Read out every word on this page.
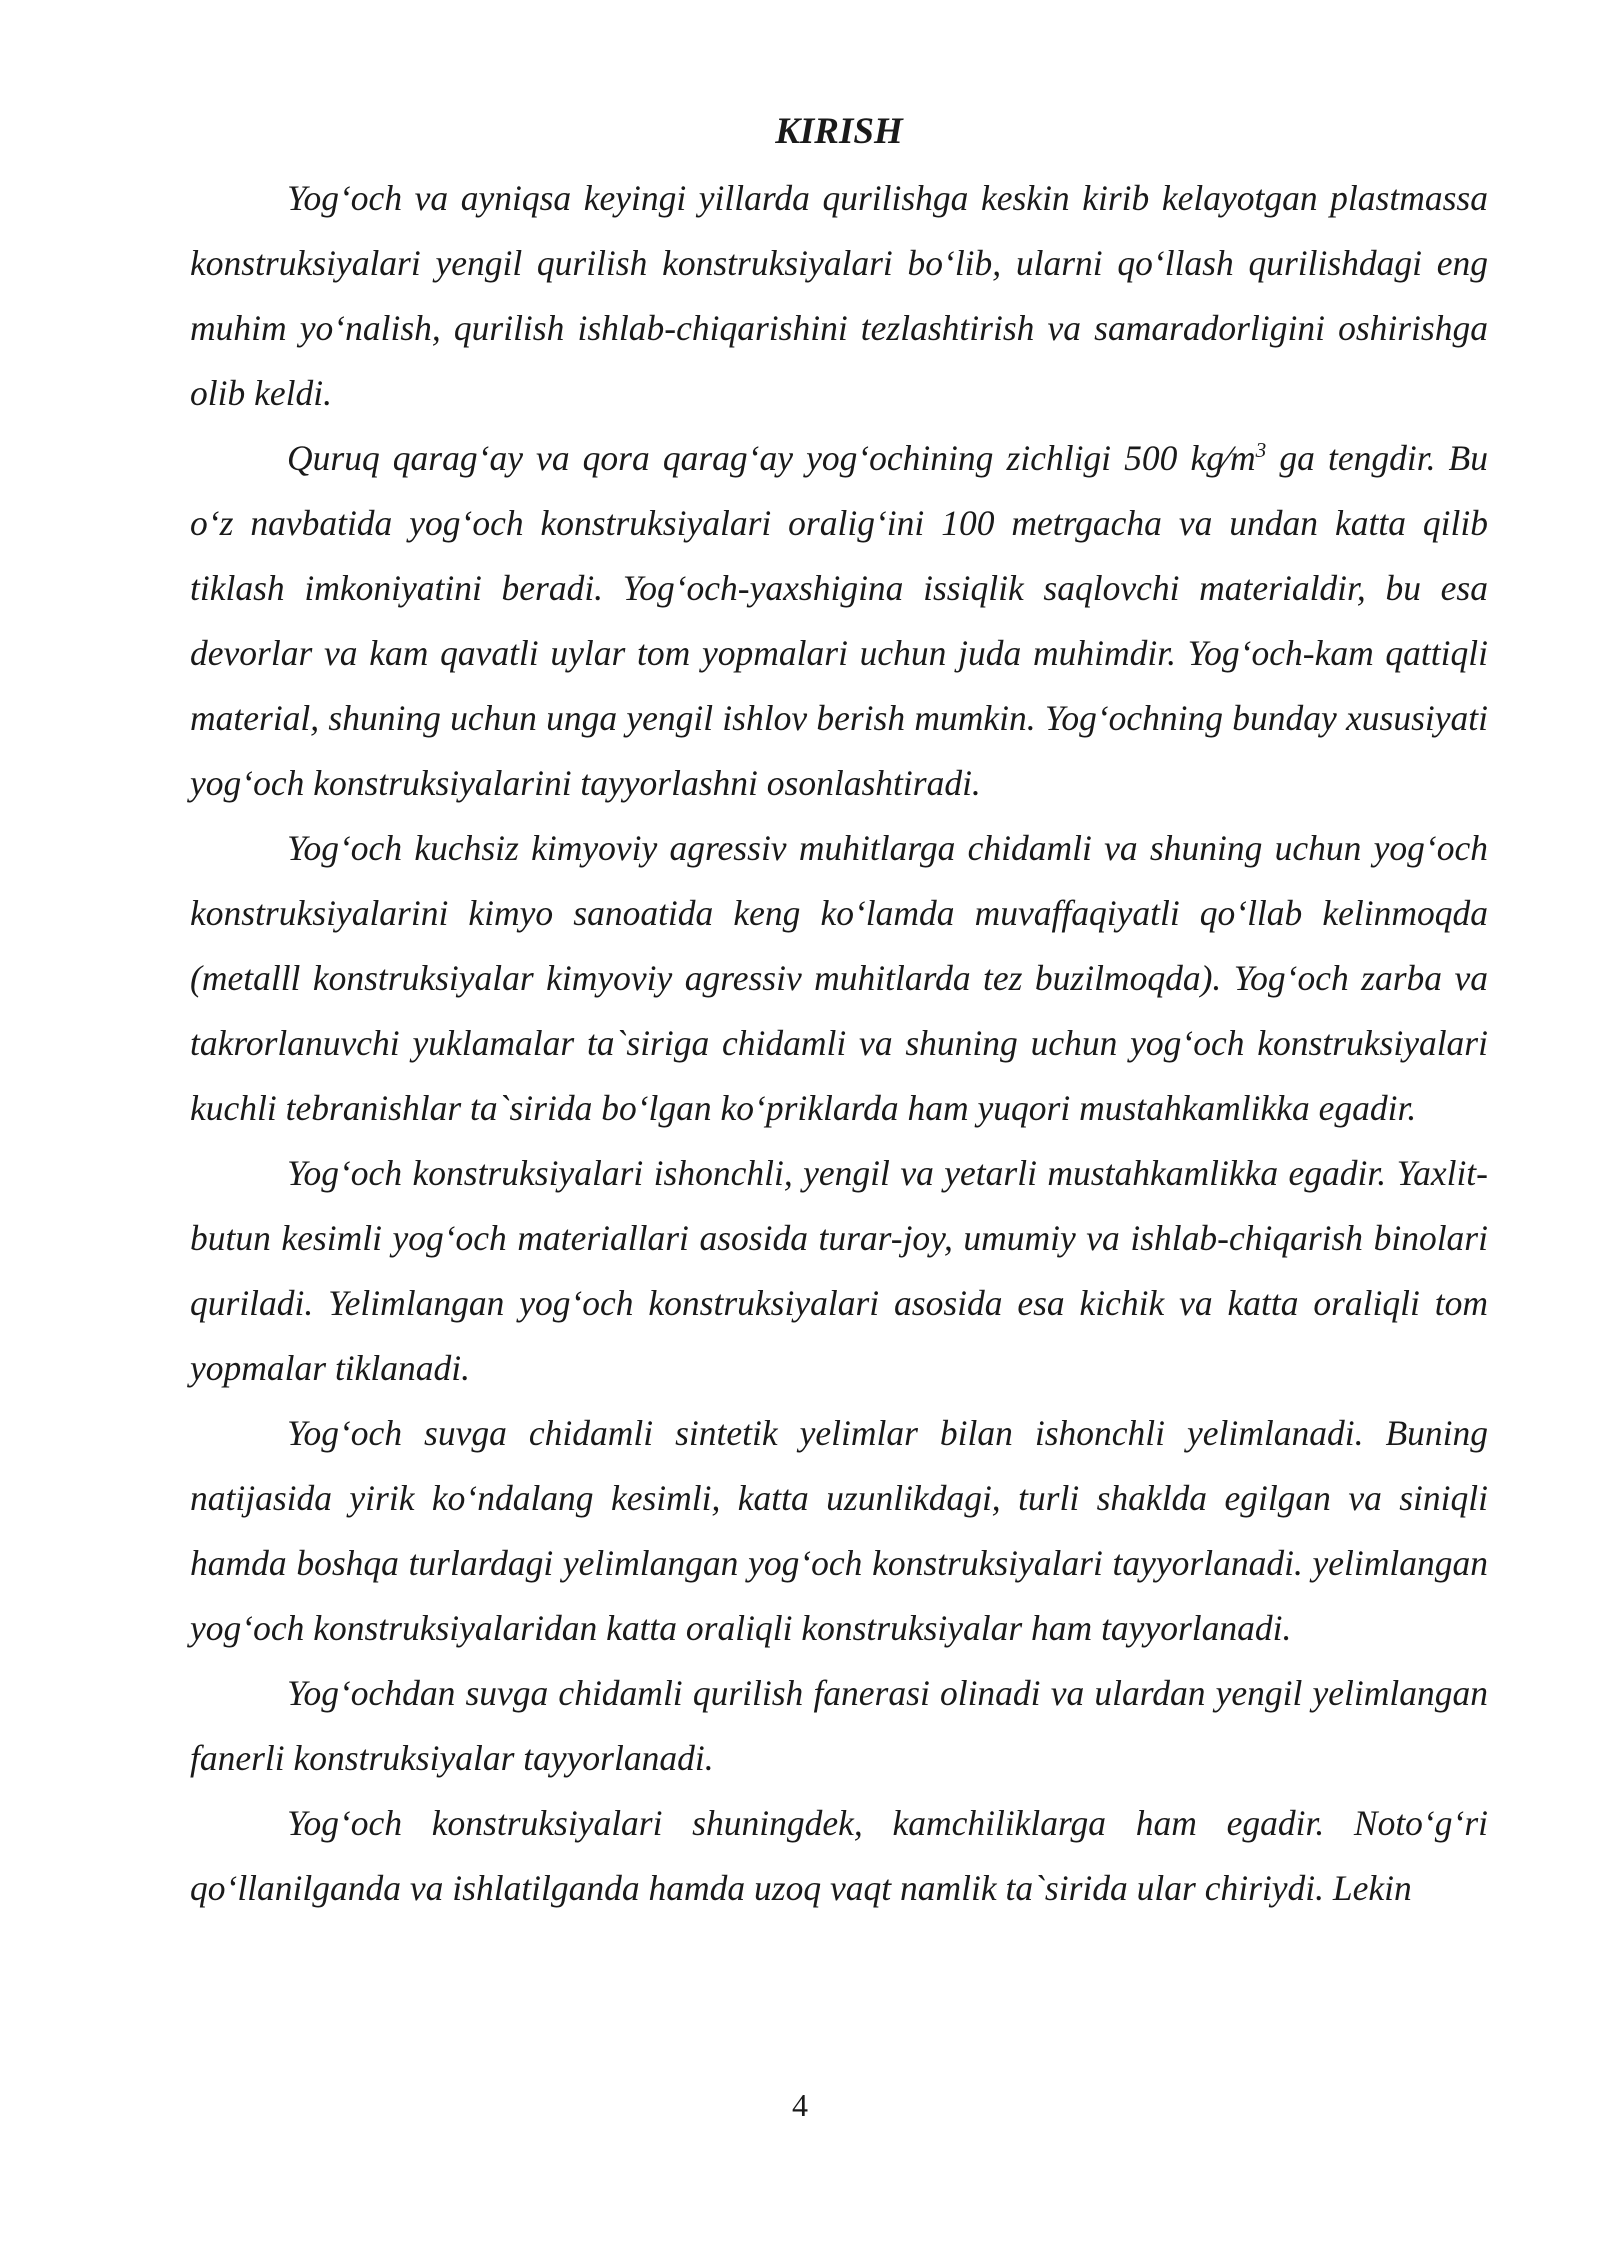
KIRISH

Yog‘och va ayniqsa keyingi yillarda qurilishga keskin kirib kelayotgan plastmassa konstruksiyalari yengil qurilish konstruksiyalari bo‘lib, ularni qo‘llash qurilishdagi eng muhim yo‘nalish, qurilish ishlab-chiqarishini tezlashtirish va samaradorligini oshirishga olib keldi.

Quruq qarag‘ay va qora qarag‘ay yog‘ochining zichligi 500 $kg⁄m^3$ ga tengdir. Bu o‘z navbatida yog‘och konstruksiyalari oralig‘ini 100 metrgacha va undan katta qilib tiklash imkoniyatini beradi. Yog‘och-yaxshigina issiqlik saqlovchi materialdir, bu esa devorlar va kam qavatli uylar tom yopmalari uchun juda muhimdir. Yog‘och-kam qattiqli material, shuning uchun unga yengil ishlov berish mumkin. Yog‘ochning bunday xususiyati yog‘och konstruksiyalarini tayyorlashni osonlashtiradi.

Yog‘och kuchsiz kimyoviy agressiv muhitlarga chidamli va shuning uchun yog‘och konstruksiyalarini kimyo sanoatida keng ko‘lamda muvaffaqiyatli qo‘llab kelinmoqda (metalll konstruksiyalar kimyoviy agressiv muhitlarda tez buzilmoqda). Yog‘och zarba va takrorlanuvchi yuklamalar ta`siriga chidamli va shuning uchun yog‘och konstruksiyalari kuchli tebranishlar ta`sirida bo‘lgan ko‘priklarda ham yuqori mustahkamlikka egadir.

Yog‘och konstruksiyalari ishonchli, yengil va yetarli mustahkamlikka egadir. Yaxlit-butun kesimli yog‘och materiallari asosida turar-joy, umumiy va ishlab-chiqarish binolari quriladi. Yelimlangan yog‘och konstruksiyalari asosida esa kichik va katta oraliqli tom yopmalar tiklanadi.

Yog‘och suvga chidamli sintetik yelimlar bilan ishonchli yelimlanadi. Buning natijasida yirik ko‘ndalang kesimli, katta uzunlikdagi, turli shaklda egilgan va siniqli hamda boshqa turlardagi yelimlangan yog‘och konstruksiyalari tayyorlanadi. yelimlangan yog‘och konstruksiyalaridan katta oraliqli konstruksiyalar ham tayyorlanadi.

Yog‘ochdan suvga chidamli qurilish fanerasi olinadi va ulardan yengil yelimlangan fanerli konstruksiyalar tayyorlanadi.

Yog‘och konstruksiyalari shuningdek, kamchiliklarga ham egadir. Noto‘g‘ri qo‘llanilganda va ishlatilganda hamda uzoq vaqt namlik ta`sirida ular chiriydi. Lekin

4
